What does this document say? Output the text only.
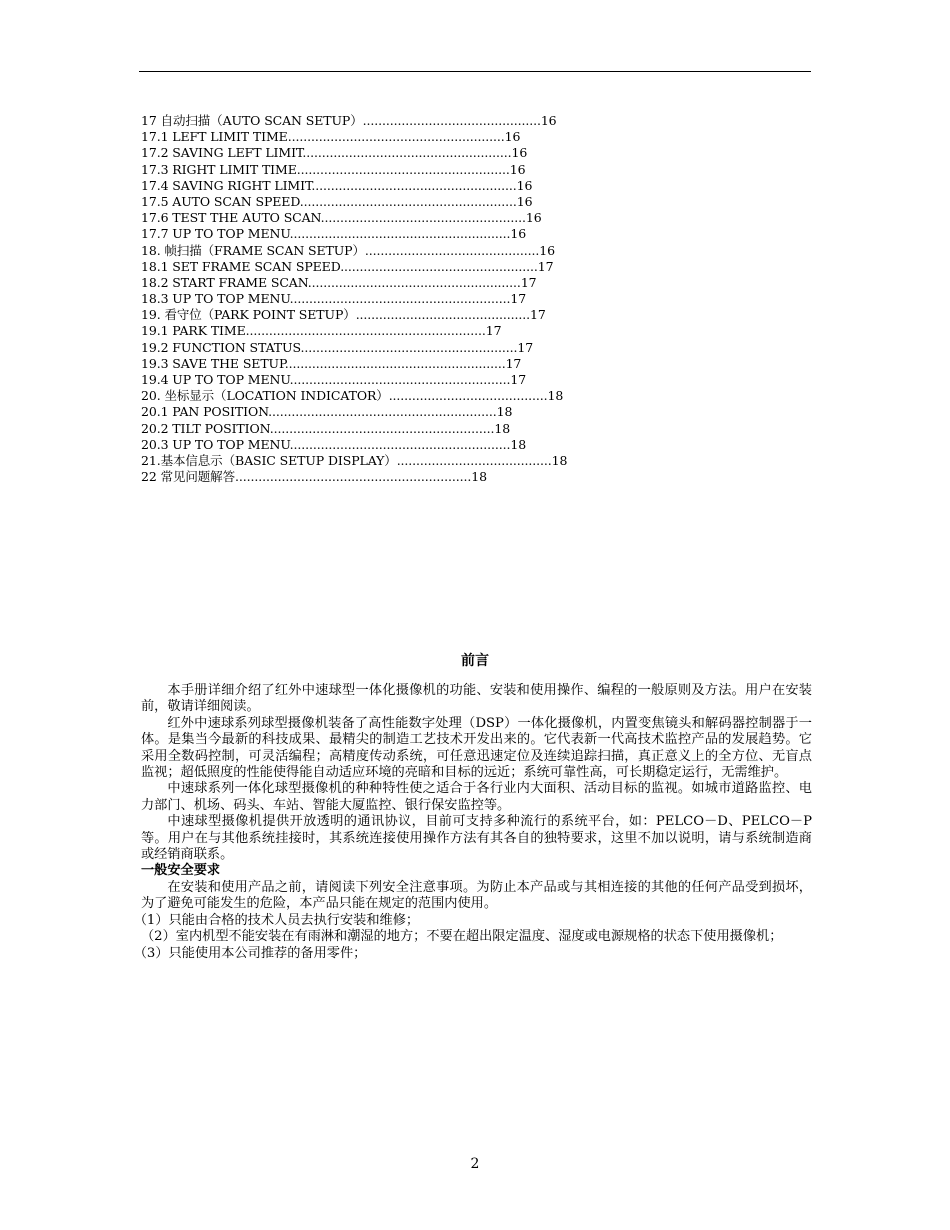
17 自动扫描（AUTO SCAN SETUP）..............................................16
17.1 LEFT LIMIT TIME........................................................16
17.2 SAVING LEFT LIMIT......................................................16
17.3 RIGHT LIMIT TIME.......................................................16
17.4 SAVING RIGHT LIMIT.....................................................16
17.5 AUTO SCAN SPEED........................................................16
17.6 TEST THE AUTO SCAN.....................................................16
17.7 UP TO TOP MENU.........................................................16
18. 帧扫描（FRAME SCAN SETUP）.............................................16
18.1 SET FRAME SCAN SPEED...................................................17
18.2 START FRAME SCAN.......................................................17
18.3 UP TO TOP MENU.........................................................17
19. 看守位（PARK POINT SETUP）.............................................17
19.1 PARK TIME..............................................................17
19.2 FUNCTION STATUS........................................................17
19.3 SAVE THE SETUP.........................................................17
19.4 UP TO TOP MENU.........................................................17
20. 坐标显示（LOCATION INDICATOR）.........................................18
20.1 PAN POSITION...........................................................18
20.2 TILT POSITION..........................................................18
20.3 UP TO TOP MENU.........................................................18
21.基本信息示（BASIC SETUP DISPLAY）........................................18
22 常见问题解答.............................................................18
前言

本手册详细介绍了红外中速球型一体化摄像机的功能、安装和使用操作、编程的一般原则及方法。用户在安装前，敬请详细阅读。

红外中速球系列球型摄像机装备了高性能数字处理（DSP）一体化摄像机，内置变焦镜头和解码器控制器于一体。是集当今最新的科技成果、最精尖的制造工艺技术开发出来的。它代表新一代高技术监控产品的发展趋势。它采用全数码控制，可灵活编程；高精度传动系统，可任意迅速定位及连续追踪扫描，真正意义上的全方位、无盲点监视；超低照度的性能使得能自动适应环境的亮暗和目标的远近；系统可靠性高，可长期稳定运行，无需维护。

中速球系列一体化球型摄像机的种种特性使之适合于各行业内大面积、活动目标的监视。如城市道路监控、电力部门、机场、码头、车站、智能大厦监控、银行保安监控等。

中速球型摄像机提供开放透明的通讯协议，目前可支持多种流行的系统平台，如：PELCO－D、PELCO－P等。用户在与其他系统挂接时，其系统连接使用操作方法有其各自的独特要求，这里不加以说明，请与系统制造商或经销商联系。

一般安全要求

在安装和使用产品之前，请阅读下列安全注意事项。为防止本产品或与其相连接的其他的任何产品受到损坏，为了避免可能发生的危险，本产品只能在规定的范围内使用。

（1）只能由合格的技术人员去执行安装和维修；

（2）室内机型不能安装在有雨淋和潮湿的地方；不要在超出限定温度、湿度或电源规格的状态下使用摄像机；

（3）只能使用本公司推荐的备用零件；

2
